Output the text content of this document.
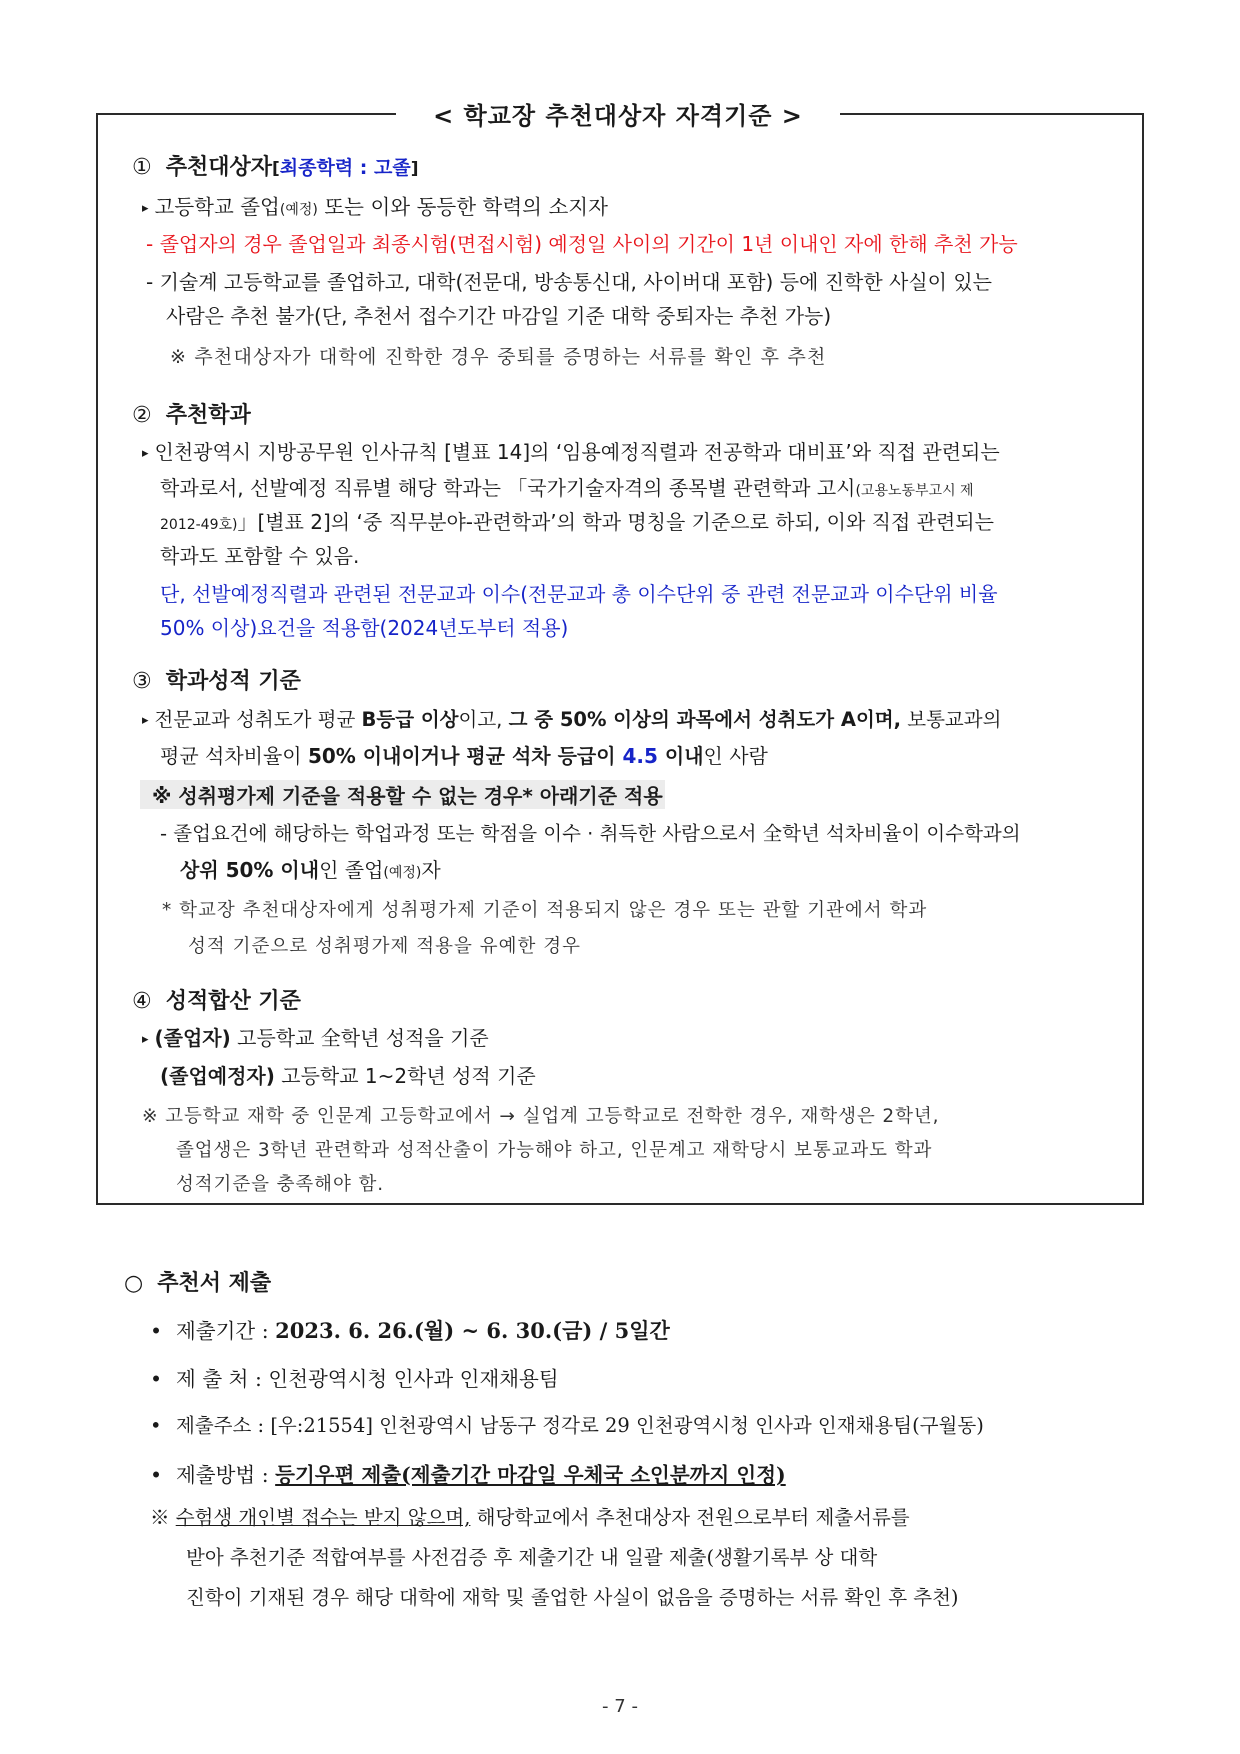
< 학교장 추천대상자 자격기준 >
① 추천대상자[최종학력 : 고졸]
▸ 고등학교 졸업(예정) 또는 이와 동등한 학력의 소지자
- 졸업자의 경우 졸업일과 최종시험(면접시험) 예정일 사이의 기간이 1년 이내인 자에 한해 추천 가능
- 기술계 고등학교를 졸업하고, 대학(전문대, 방송통신대, 사이버대 포함) 등에 진학한 사실이 있는
사람은 추천 불가(단, 추천서 접수기간 마감일 기준 대학 중퇴자는 추천 가능)
※ 추천대상자가 대학에 진학한 경우 중퇴를 증명하는 서류를 확인 후 추천
② 추천학과
▸ 인천광역시 지방공무원 인사규칙 [별표 14]의 ‘임용예정직렬과 전공학과 대비표’와 직접 관련되는
학과로서, 선발예정 직류별 해당 학과는 「국가기술자격의 종목별 관련학과 고시(고용노동부고시 제
2012-49호)」[별표 2]의 ‘중 직무분야-관련학과’의 학과 명칭을 기준으로 하되, 이와 직접 관련되는
학과도 포함할 수 있음.
단, 선발예정직렬과 관련된 전문교과 이수(전문교과 총 이수단위 중 관련 전문교과 이수단위 비율
50% 이상)요건을 적용함(2024년도부터 적용)
③ 학과성적 기준
▸ 전문교과 성취도가 평균 B등급 이상이고, 그 중 50% 이상의 과목에서 성취도가 A이며, 보통교과의
평균 석차비율이 50% 이내이거나 평균 석차 등급이 4.5 이내인 사람
※ 성취평가제 기준을 적용할 수 없는 경우* 아래기준 적용
- 졸업요건에 해당하는 학업과정 또는 학점을 이수 · 취득한 사람으로서 全학년 석차비율이 이수학과의
상위 50% 이내인 졸업(예정)자
* 학교장 추천대상자에게 성취평가제 기준이 적용되지 않은 경우 또는 관할 기관에서 학과
성적 기준으로 성취평가제 적용을 유예한 경우
④ 성적합산 기준
▸ (졸업자) 고등학교 全학년 성적을 기준
(졸업예정자) 고등학교 1~2학년 성적 기준
※ 고등학교 재학 중 인문계 고등학교에서 → 실업계 고등학교로 전학한 경우, 재학생은 2학년,
졸업생은 3학년 관련학과 성적산출이 가능해야 하고, 인문계고 재학당시 보통교과도 학과
성적기준을 충족해야 함.
○ 추천서 제출
• 제출기간 : 2023. 6. 26.(월) ~ 6. 30.(금) / 5일간
• 제 출 처 : 인천광역시청 인사과 인재채용팀
• 제출주소 : [우:21554] 인천광역시 남동구 정각로 29 인천광역시청 인사과 인재채용팀(구월동)
• 제출방법 : 등기우편 제출(제출기간 마감일 우체국 소인분까지 인정)
※ 수험생 개인별 접수는 받지 않으며, 해당학교에서 추천대상자 전원으로부터 제출서류를
받아 추천기준 적합여부를 사전검증 후 제출기간 내 일괄 제출(생활기록부 상 대학
진학이 기재된 경우 해당 대학에 재학 및 졸업한 사실이 없음을 증명하는 서류 확인 후 추천)
- 7 -
